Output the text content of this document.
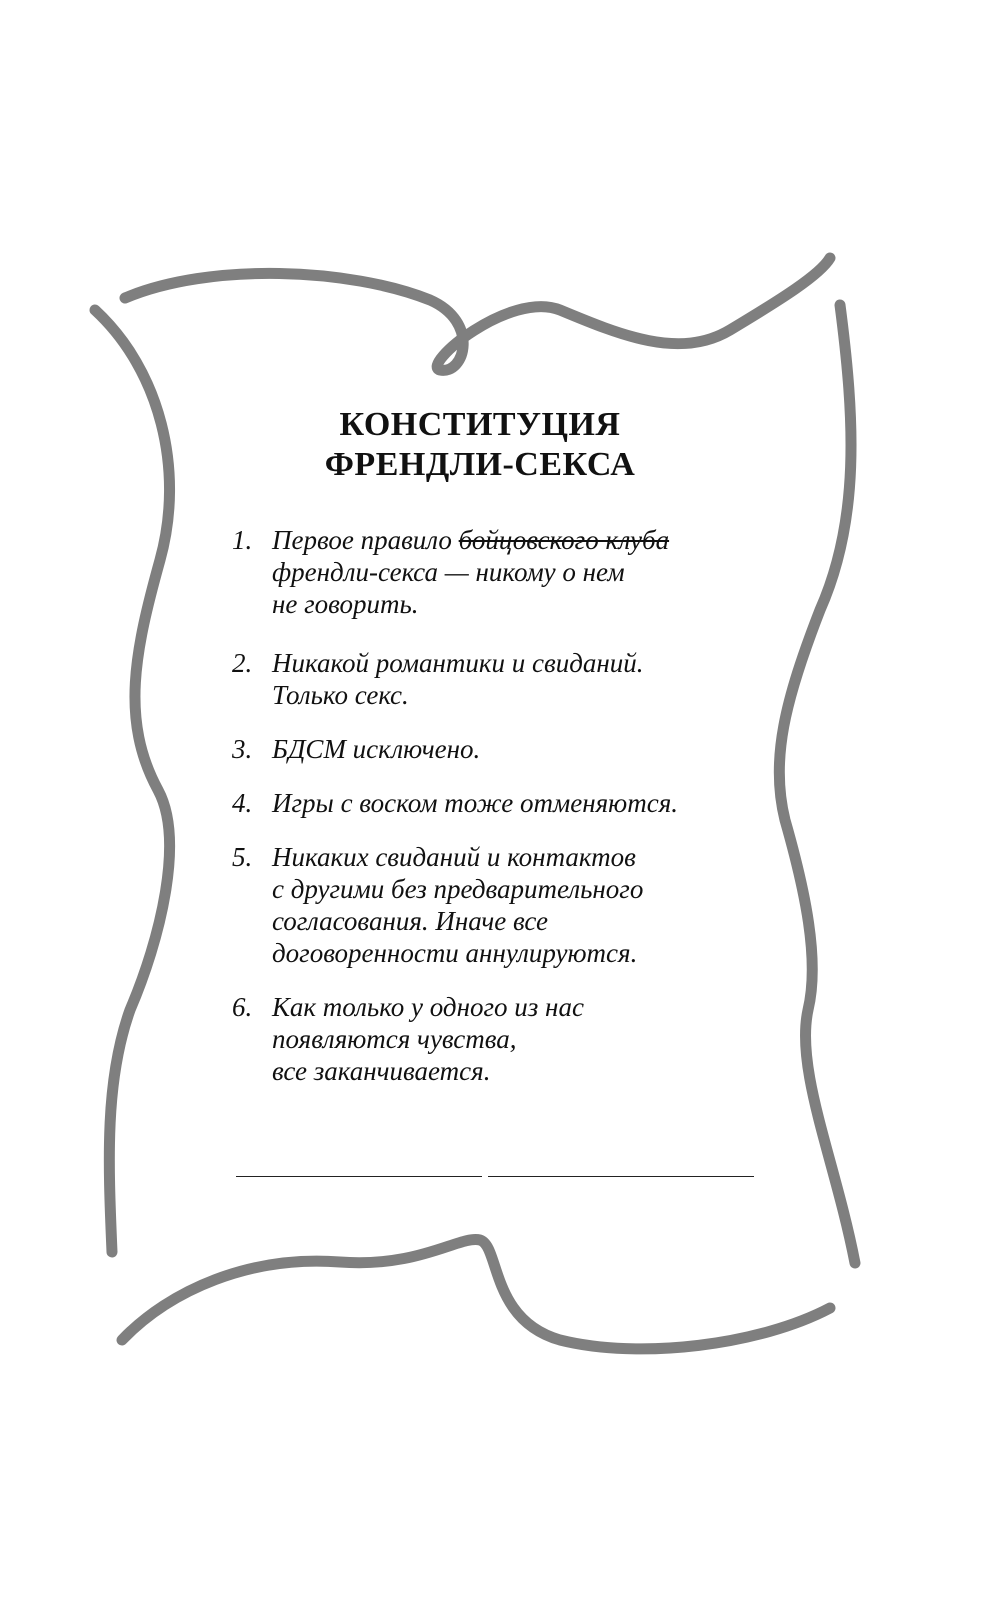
КОНСТИТУЦИЯ
ФРЕНДЛИ-СЕКСА
1. Первое правило бойцовского клуба
френдли-секса — никому о нем
не говорить.
2. Никакой романтики и свиданий.
Только секс.
3. БДСМ исключено.
4. Игры с воском тоже отменяются.
5. Никаких свиданий и контактов
с другими без предварительного
согласования. Иначе все
договоренности аннулируются.
6. Как только у одного из нас
появляются чувства,
все заканчивается.
